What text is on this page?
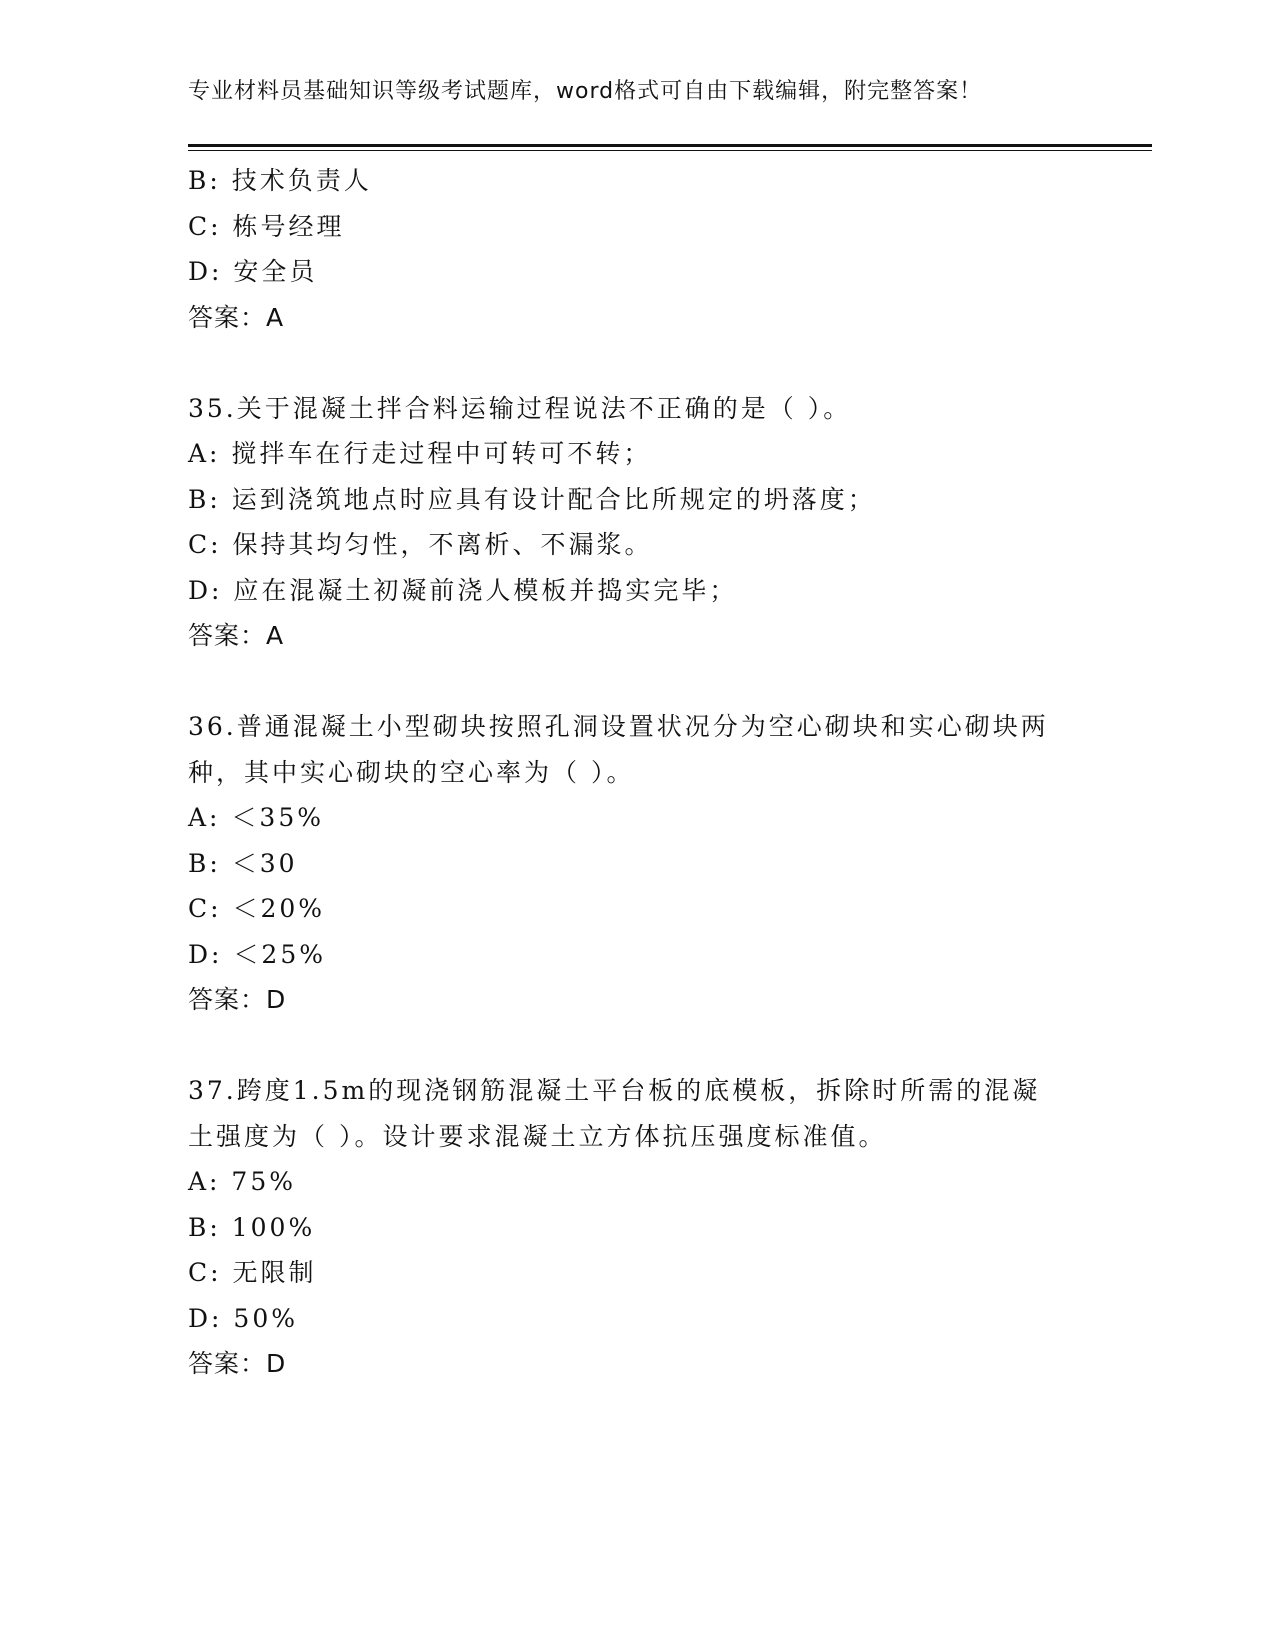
专业材料员基础知识等级考试题库，word格式可自由下载编辑，附完整答案！
B: 技术负责人
C: 栋号经理
D: 安全员
答案：A
35.关于混凝土拌合料运输过程说法不正确的是（ ）。
A: 搅拌车在行走过程中可转可不转；
B: 运到浇筑地点时应具有设计配合比所规定的坍落度；
C: 保持其均匀性，不离析、不漏浆。
D: 应在混凝土初凝前浇人模板并捣实完毕；
答案：A
36.普通混凝土小型砌块按照孔洞设置状况分为空心砌块和实心砌块两
种，其中实心砌块的空心率为（ ）。
A: ＜35%
B: ＜30
C: ＜20%
D: ＜25%
答案：D
37.跨度1.5m的现浇钢筋混凝土平台板的底模板，拆除时所需的混凝
土强度为（ ）。设计要求混凝土立方体抗压强度标准值。
A: 75%
B: 100%
C: 无限制
D: 50%
答案：D
